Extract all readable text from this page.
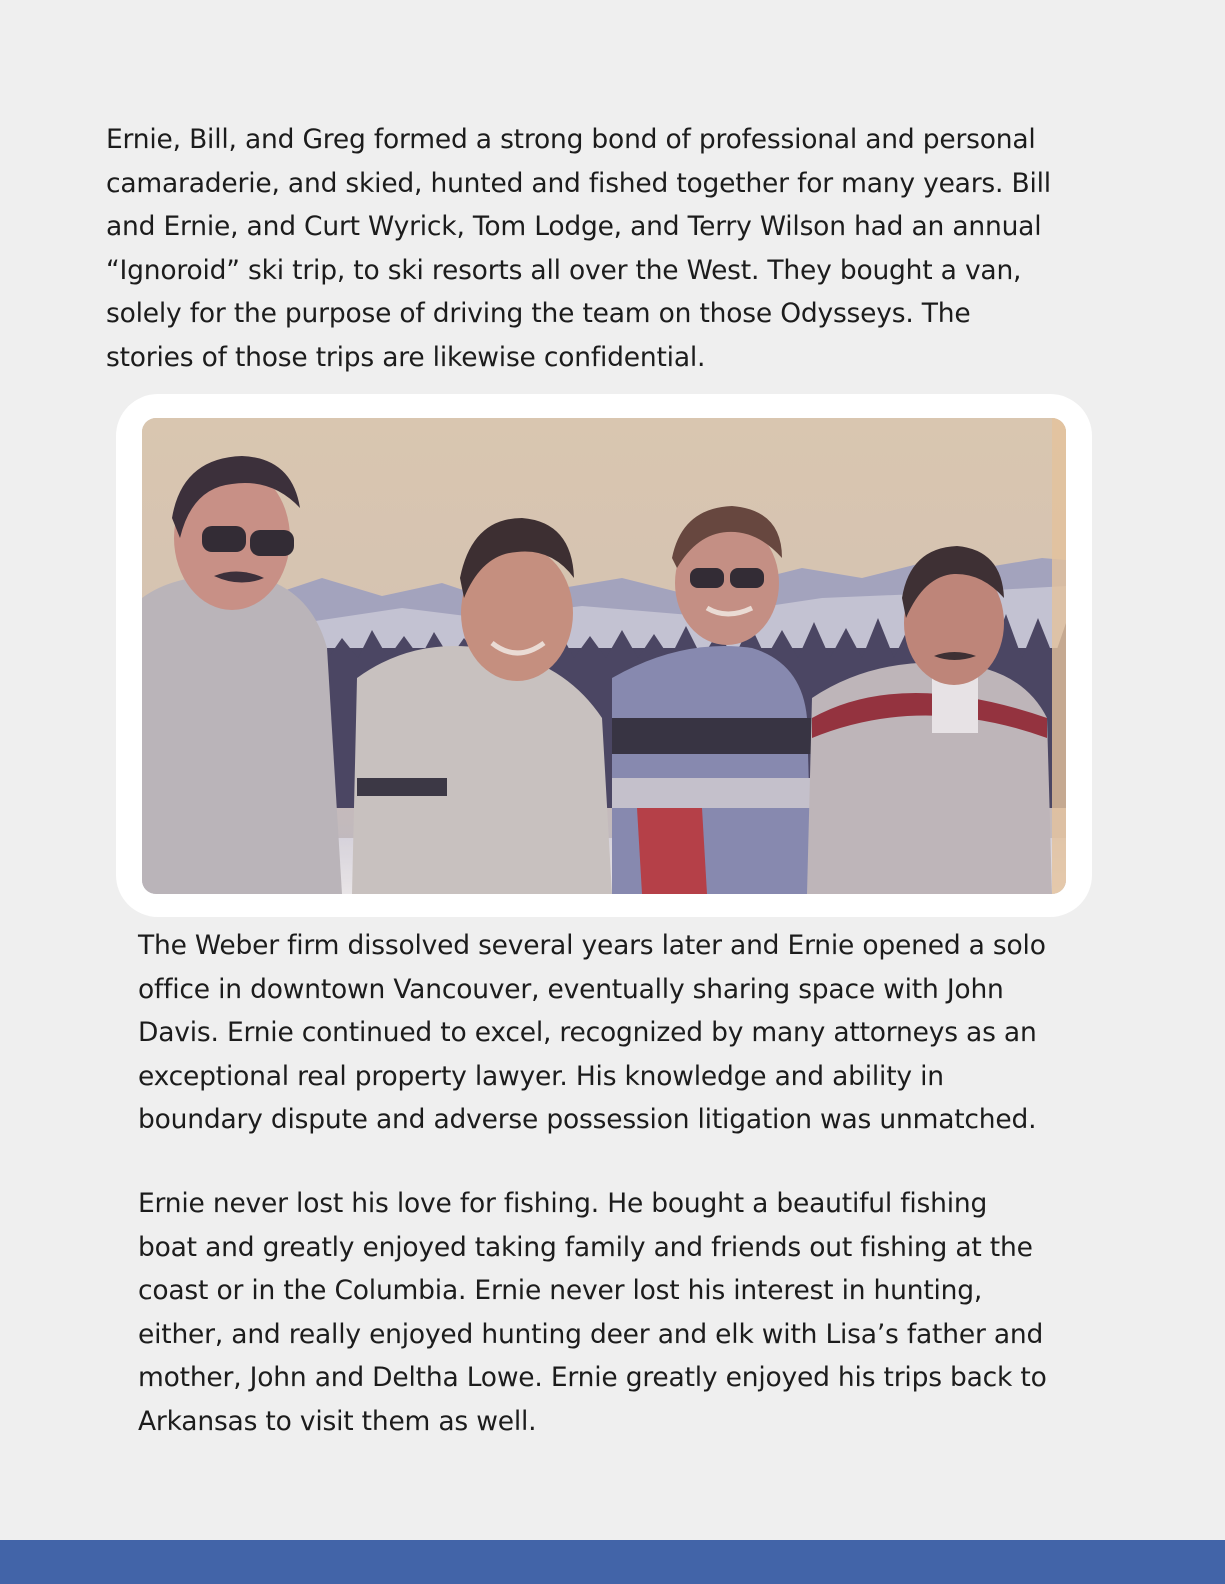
Ernie, Bill, and Greg formed a strong bond of professional and personal
camaraderie, and skied, hunted and fished together for many years. Bill
and Ernie, and Curt Wyrick, Tom Lodge, and Terry Wilson had an annual
“Ignoroid” ski trip, to ski resorts all over the West. They bought a van,
solely for the purpose of driving the team on those Odysseys. The
stories of those trips are likewise confidential.
The Weber firm dissolved several years later and Ernie opened a solo
office in downtown Vancouver, eventually sharing space with John
Davis. Ernie continued to excel, recognized by many attorneys as an
exceptional real property lawyer. His knowledge and ability in
boundary dispute and adverse possession litigation was unmatched.
Ernie never lost his love for fishing. He bought a beautiful fishing
boat and greatly enjoyed taking family and friends out fishing at the
coast or in the Columbia. Ernie never lost his interest in hunting,
either, and really enjoyed hunting deer and elk with Lisa’s father and
mother, John and Deltha Lowe. Ernie greatly enjoyed his trips back to
Arkansas to visit them as well.
